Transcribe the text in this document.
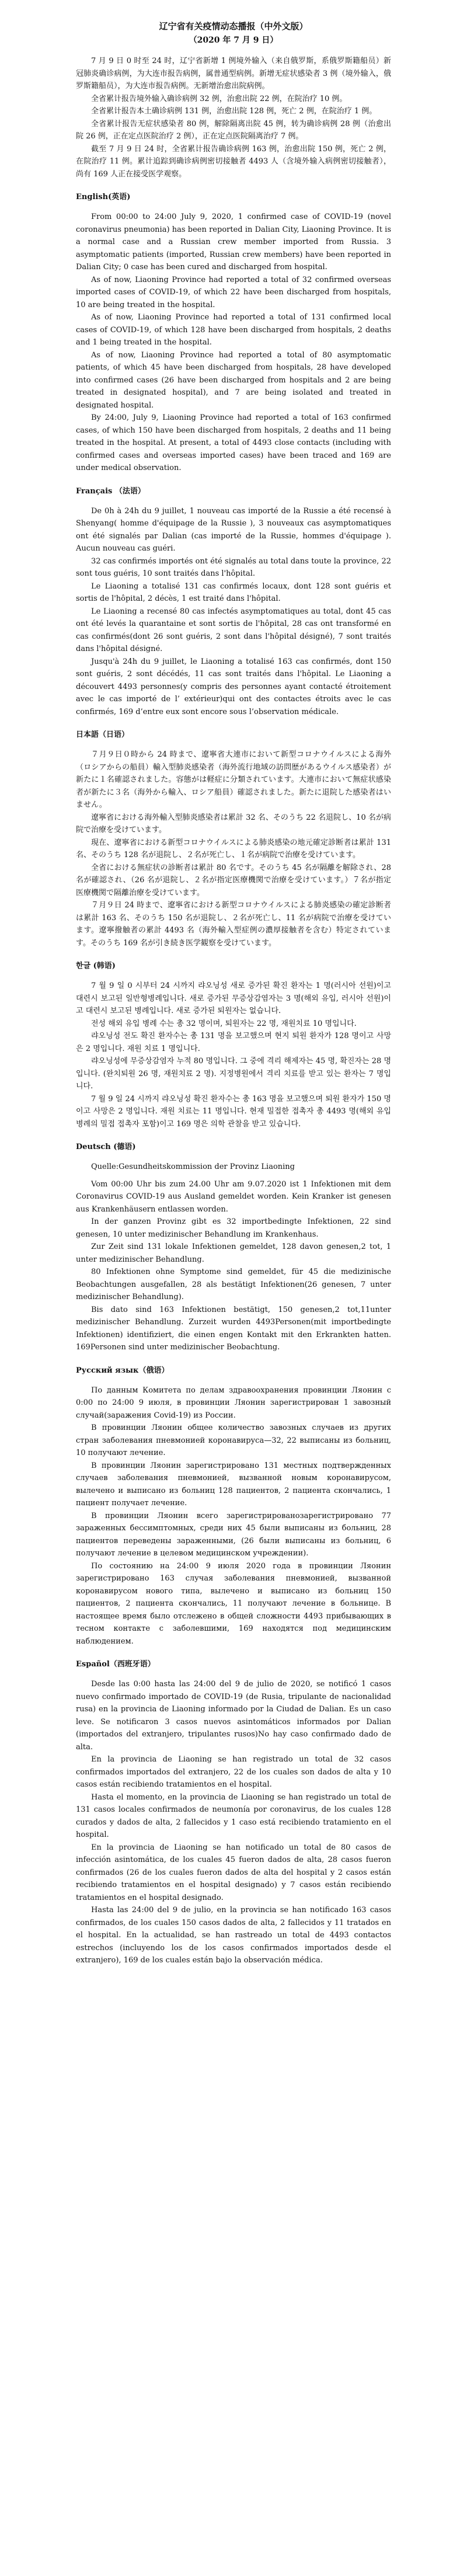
辽宁省有关疫情动态播报（中外文版）
（2020 年 7 月 9 日）

7 月 9 日 0 时至 24 时，辽宁省新增 1 例境外输入（来自俄罗斯，系俄罗斯籍船员）新冠肺炎确诊病例，为大连市报告病例，属普通型病例。新增无症状感染者 3 例（境外输入，俄罗斯籍船员），为大连市报告病例。无新增治愈出院病例。

全省累计报告境外输入确诊病例 32 例，治愈出院 22 例，在院治疗 10 例。

全省累计报告本土确诊病例 131 例，治愈出院 128 例，死亡 2 例，在院治疗 1 例。

全省累计报告无症状感染者 80 例，解除隔离出院 45 例，转为确诊病例 28 例（治愈出院 26 例，正在定点医院治疗 2 例），正在定点医院隔离治疗 7 例。

截至 7 月 9 日 24 时，全省累计报告确诊病例 163 例，治愈出院 150 例，死亡 2 例，在院治疗 11 例。累计追踪到确诊病例密切接触者 4493 人（含境外输入病例密切接触者），尚有 169 人正在接受医学观察。

English(英语)

From 00:00 to 24:00 July 9, 2020, 1 confirmed case of COVID-19 (novel coronavirus pneumonia) has been reported in Dalian City, Liaoning Province. It is a normal case and a Russian crew member imported from Russia. 3 asymptomatic patients (imported, Russian crew members) have been reported in Dalian City; 0 case has been cured and discharged from hospital.

As of now, Liaoning Province had reported a total of 32 confirmed overseas imported cases of COVID-19, of which 22 have been discharged from hospitals, 10 are being treated in the hospital.

As of now, Liaoning Province had reported a total of 131 confirmed local cases of COVID-19, of which 128 have been discharged from hospitals, 2 deaths and 1 being treated in the hospital.

As of now, Liaoning Province had reported a total of 80 asymptomatic patients, of which 45 have been discharged from hospitals, 28 have developed into confirmed cases (26 have been discharged from hospitals and 2 are being treated in designated hospital), and 7 are being isolated and treated in designated hospital.

By 24:00, July 9, Liaoning Province had reported a total of 163 confirmed cases, of which 150 have been discharged from hospitals, 2 deaths and 11 being treated in the hospital. At present, a total of 4493 close contacts (including with confirmed cases and overseas imported cases) have been traced and 169 are under medical observation.

Français （法语）

De 0h à 24h du 9 juillet, 1 nouveau cas importé de la Russie a été recensé à Shenyang( homme d'équipage de la Russie ), 3 nouveaux cas asymptomatiques ont été signalés par Dalian (cas importé de la Russie, hommes d'équipage ). Aucun nouveau cas guéri.

32 cas confirmés importés ont été signalés au total dans toute la province, 22 sont tous guéris, 10 sont traités dans l'hôpital.

Le Liaoning a totalisé 131 cas confirmés locaux, dont 128 sont guéris et sortis de l'hôpital, 2 décès, 1 est traité dans l'hôpital.

Le Liaoning a recensé 80 cas infectés asymptomatiques au total, dont 45 cas ont été levés la quarantaine et sont sortis de l'hôpital, 28 cas ont transformé en cas confirmés(dont 26 sont guéris, 2 sont dans l'hôpital désigné), 7 sont traités dans l'hôpital désigné.

Jusqu'à 24h du 9 juillet, le Liaoning a totalisé 163 cas confirmés, dont 150 sont guéris, 2 sont décédés, 11 cas sont traités dans l'hôpital. Le Liaoning a découvert 4493 personnes(y compris des personnes ayant contacté étroitement avec le cas importé de l’ extérieur)qui ont des contactes étroits avec le cas confirmés, 169 d’entre eux sont encore sous l’observation médicale.

日本語（日语）

７月９日０時から 24 時まで、遼寧省大連市において新型コロナウイルスによる海外（ロシアからの船員）輸入型肺炎感染者（海外流行地域の訪問歴があるウイルス感染者）が新たに１名確認されました。容態がは軽症に分類されています。大連市において無症状感染者が新たに３名（海外から輸入、ロシア船員）確認されました。新たに退院した感染者はいません。

遼寧省における海外輸入型肺炎感染者は累計 32 名、そのうち 22 名退院し、10 名が病院で治療を受けています。

現在、遼寧省における新型コロナウイルスによる肺炎感染の地元確定診断者は累計 131 名、そのうち 128 名が退院し、２名が死亡し、１名が病院で治療を受けています。

全省における無症状の診断者は累計 80 名です。そのうち 45 名が隔離を解除され、28 名が確認され、（26 名が退院し、２名が指定医療機関で治療を受けています。）７名が指定医療機関で隔離治療を受けています。

７月９日 24 時まで、遼寧省における新型コロナウイルスによる肺炎感染の確定診断者は累計 163 名、そのうち 150 名が退院し、２名が死亡し、11 名が病院で治療を受けています。遼寧撥触者の累計 4493 名（海外輸入型症例の濃厚接触者を含む）特定されています。そのうち 169 名が引き続き医学観察を受けています。

한글 (韩语)

7 월 9 일 0 시부터 24 시까지 랴오닝성 새로 증가된 확진 환자는 1 명(러시아 선원)이고 대련시 보고된 일반형병례입니다. 새로 증가된 무증상감염자는 3 명(해외 유입, 러시아 선원)이고 대련시 보고된 병례입니다. 새로 증가된 퇴원자는 없습니다.

전성 해외 유입 병례 수는 총 32 명이며, 퇴원자는 22 명, 재원치료 10 명입니다.

랴오닝성 전도 확진 환자수는 총 131 명을 보고했으며 현지 퇴원 환자가 128 명이고 사망은 2 명입니다. 재원 치료 1 명입니다.

랴오닝성에 무증상감염자 누적 80 명입니다. 그 중에 격리 해제자는 45 명, 확진자는 28 명입니다. (완치퇴원 26 명, 재원치료 2 명). 지정병원에서 격리 치료를 받고 있는 환자는 7 명입니다.

7 월 9 일 24 시까지 랴오닝성 확진 환자수는 총 163 명을 보고했으며 퇴원 환자가 150 명이고 사망은 2 명입니다. 재원 치료는 11 명입니다. 현재 밀접한 접촉자 총 4493 명(해외 유입 병례의 밀접 접촉자 포함)이고 169 명은 의학 관찰을 받고 있습니다.

Deutsch (德语)
Quelle:Gesundheitskommission der Provinz Liaoning

Vom 00:00 Uhr bis zum 24.00 Uhr am 9.07.2020 ist 1 Infektionen mit dem Coronavirus COVID-19 aus Ausland gemeldet worden. Kein Kranker ist genesen aus Krankenhäusern entlassen worden.

In der ganzen Provinz gibt es 32 importbedingte Infektionen, 22 sind genesen, 10 unter medizinischer Behandlung im Krankenhaus.

Zur Zeit sind 131 lokale Infektionen gemeldet, 128 davon genesen,2 tot, 1 unter medizinischer Behandlung.

80 Infektionen ohne Symptome sind gemeldet, für 45 die medizinische Beobachtungen ausgefallen, 28 als bestätigt Infektionen(26 genesen, 7 unter medizinischer Behandlung).

Bis dato sind 163 Infektionen bestätigt, 150 genesen,2 tot,11unter medizinischer Behandlung. Zurzeit wurden 4493Personen(mit importbedingte Infektionen) identifiziert, die einen engen Kontakt mit den Erkrankten hatten. 169Personen sind unter medizinischer Beobachtung.

Русский язык（俄语）

По данным Комитета по делам здравоохранения провинции Ляонин с 0:00 по 24:00 9 июля, в провинции Ляонин зарегистрирован 1 завозный случай(заражения Covid-19) из России.

В провинции Ляонин общее количество завозных случаев из других стран заболевания пневмонией коронавируса—32, 22 выписаны из больниц, 10 получают лечение.

В провинции Ляонин зарегистрировано 131 местных подтвержденных случаев заболевания пневмонией, вызванной новым коронавирусом, вылечено и выписано из больниц 128 пациентов, 2 пациента скончались, 1 пациент получает лечение.

В провинции Ляонин всего зарегистрированозарегистрировано 77 зараженных бессимптомных, среди них 45 были выписаны из больниц, 28 пациентов переведены зараженными, (26 были выписаны из больниц, 6 получают лечение в целевом медицинском учреждении).

По состоянию на 24:00 9 июля 2020 года в провинции Ляонин зарегистрировано 163 случая заболевания пневмонией, вызванной коронавирусом нового типа, вылечено и выписано из больниц 150 пациентов, 2 пациента скончались, 11 получают лечение в больнице. В настоящее время было отслежено в общей сложности 4493 прибывающих в тесном контакте с заболевшими, 169 находятся под медицинским наблюдением.

Español（西班牙语）

Desde las 0:00 hasta las 24:00 del 9 de julio de 2020, se notificó 1 casos nuevo confirmado importado de COVID-19 (de Rusia, tripulante de nacionalidad rusa) en la provincia de Liaoning informado por la Ciudad de Dalian. Es un caso leve. Se notificaron 3 casos nuevos asintomáticos informados por Dalian (importados del extranjero, tripulantes rusos)No hay caso confirmado dado de alta.

En la provincia de Liaoning se han registrado un total de 32 casos confirmados importados del extranjero, 22 de los cuales son dados de alta y 10 casos están recibiendo tratamientos en el hospital.

Hasta el momento, en la provincia de Liaoning se han registrado un total de 131 casos locales confirmados de neumonía por coronavirus, de los cuales 128 curados y dados de alta, 2 fallecidos y 1 caso está recibiendo tratamiento en el hospital.

En la provincia de Liaoning se han notificado un total de 80 casos de infección asintomática, de los cuales 45 fueron dados de alta, 28 casos fueron confirmados (26 de los cuales fueron dados de alta del hospital y 2 casos están recibiendo tratamientos en el hospital designado) y 7 casos están recibiendo tratamientos en el hospital designado.

Hasta las 24:00 del 9 de julio, en la provincia se han notificado 163 casos confirmados, de los cuales 150 casos dados de alta, 2 fallecidos y 11 tratados en el hospital. En la actualidad, se han rastreado un total de 4493 contactos estrechos (incluyendo los de los casos confirmados importados desde el extranjero), 169 de los cuales están bajo la observación médica.
